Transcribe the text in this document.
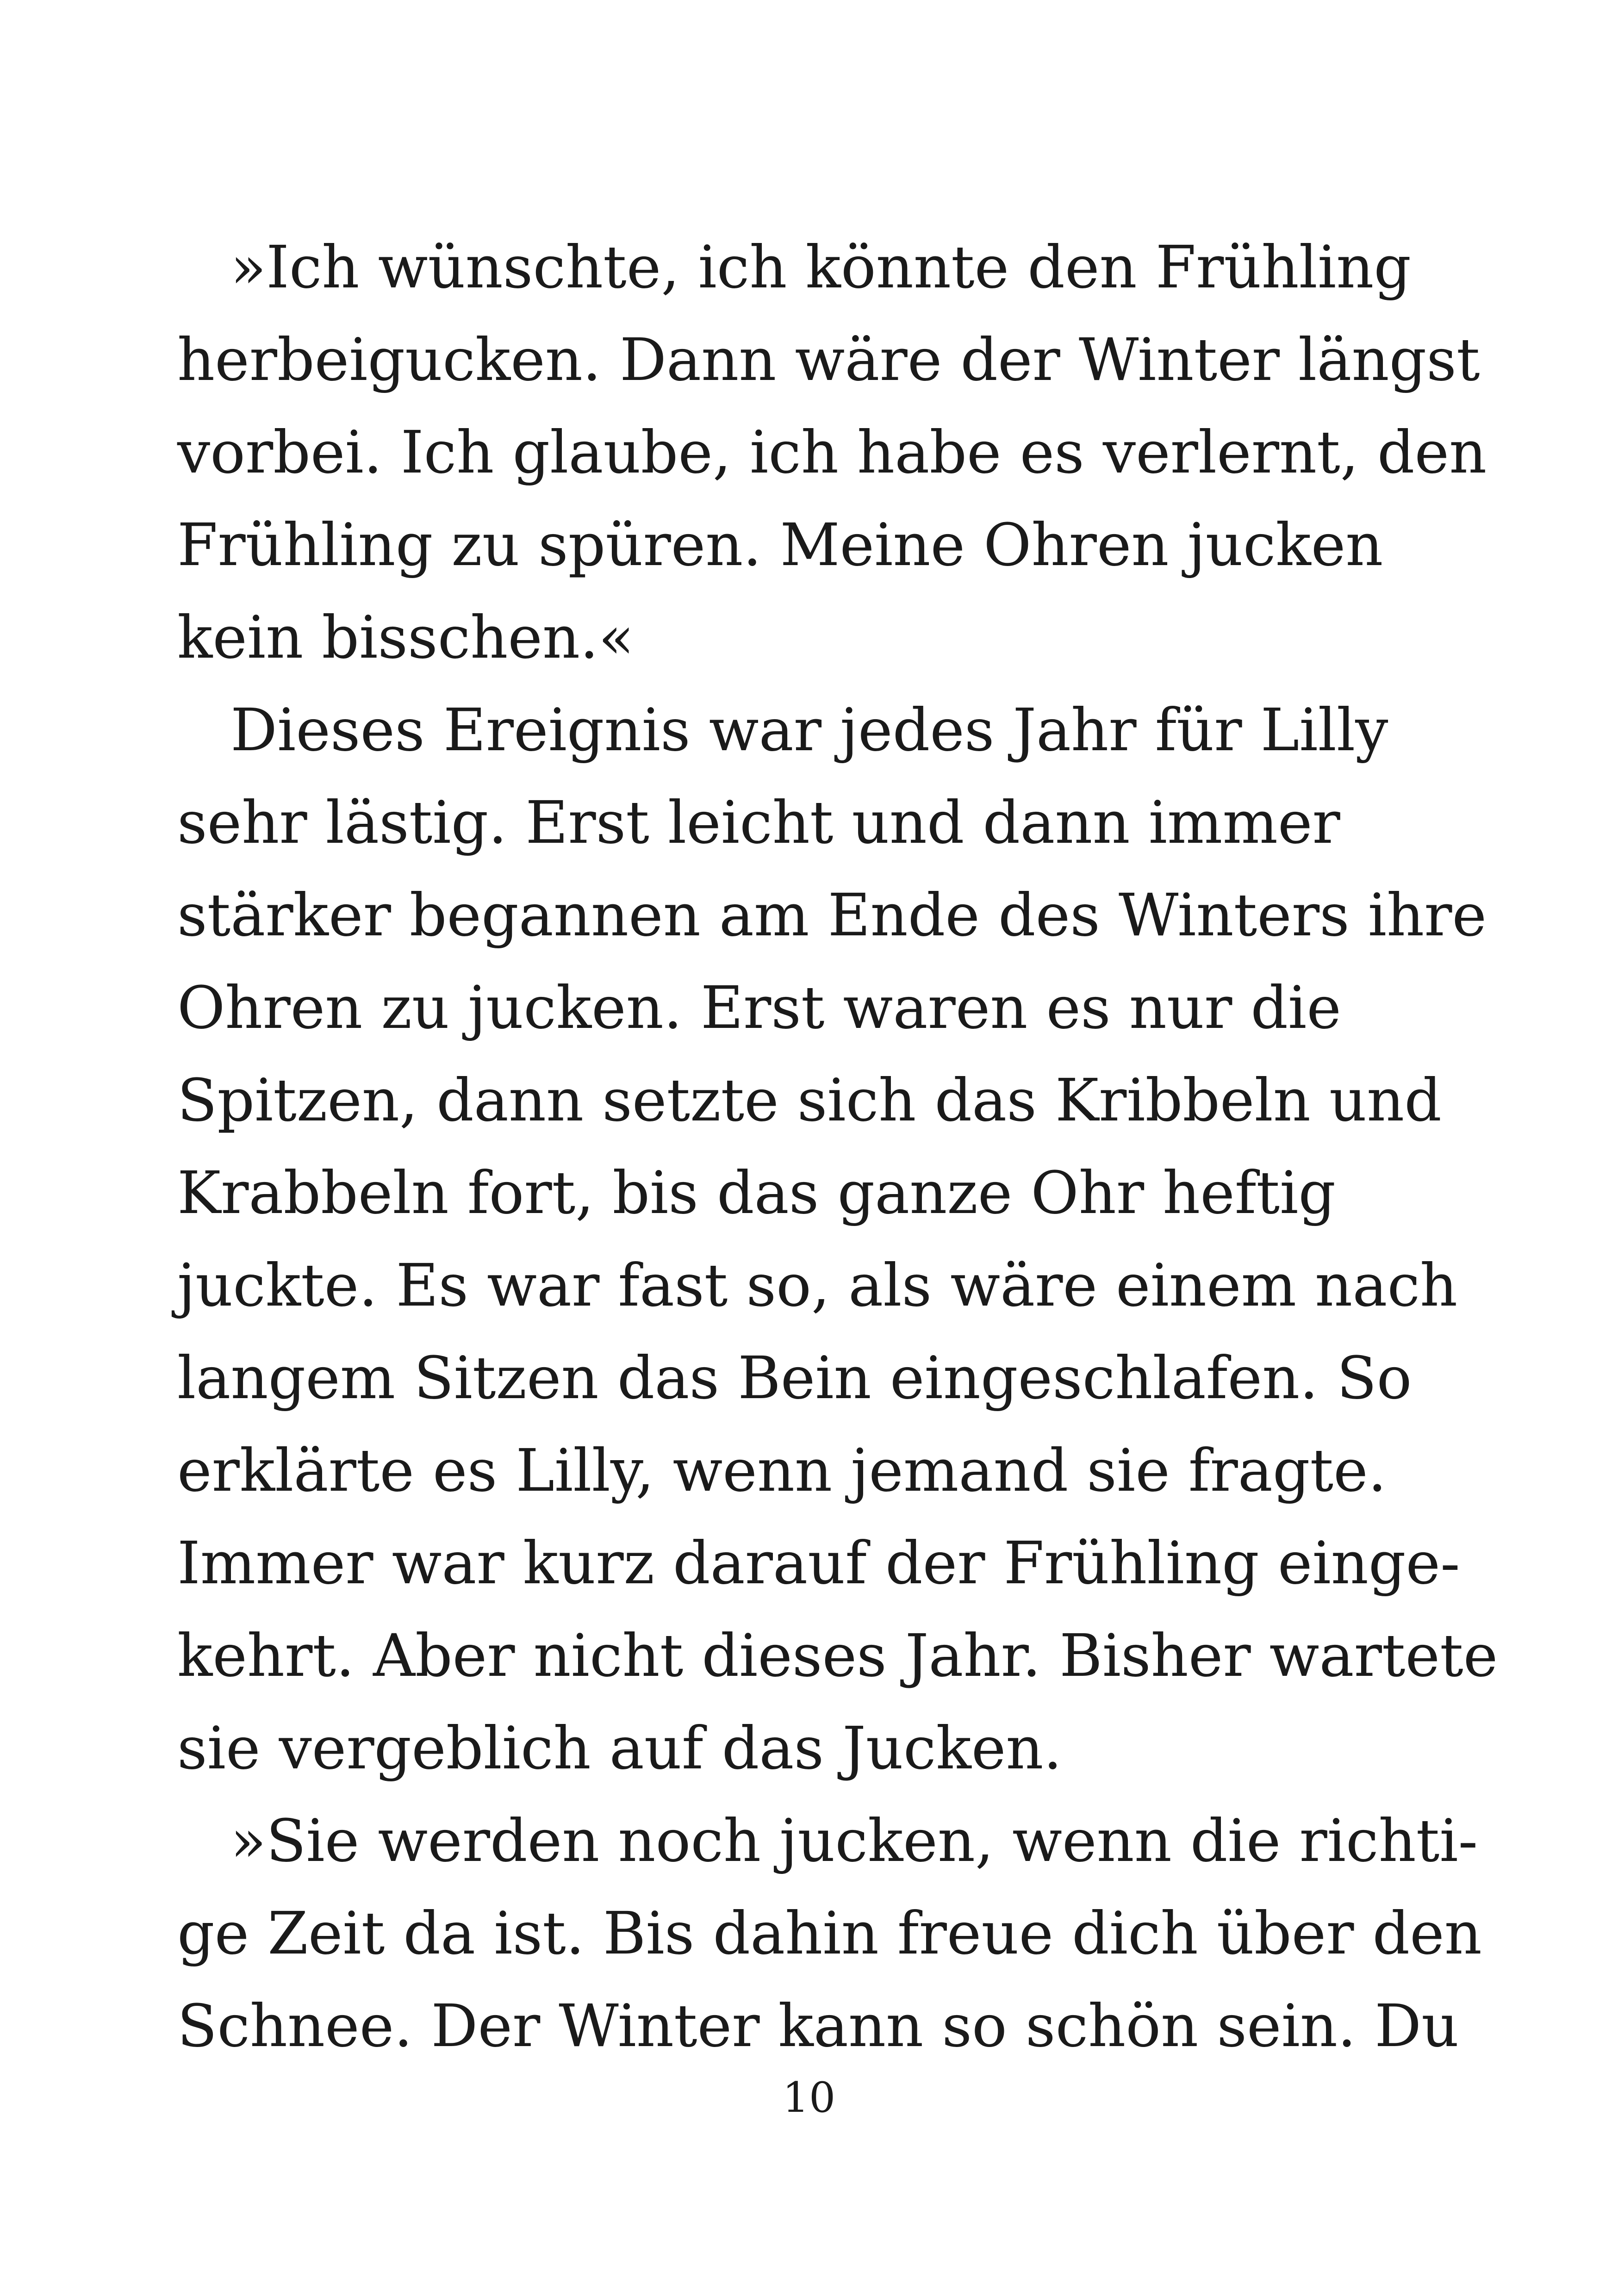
»Ich wünschte, ich könnte den Frühling
herbeigucken. Dann wäre der Winter längst
vorbei. Ich glaube, ich habe es verlernt, den
Frühling zu spüren. Meine Ohren jucken
kein bisschen.«
Dieses Ereignis war jedes Jahr für Lilly
sehr lästig. Erst leicht und dann immer
stärker begannen am Ende des Winters ihre
Ohren zu jucken. Erst waren es nur die
Spitzen, dann setzte sich das Kribbeln und
Krabbeln fort, bis das ganze Ohr heftig
juckte. Es war fast so, als wäre einem nach
langem Sitzen das Bein eingeschlafen. So
erklärte es Lilly, wenn jemand sie fragte.
Immer war kurz darauf der Frühling einge-
kehrt. Aber nicht dieses Jahr. Bisher wartete
sie vergeblich auf das Jucken.
»Sie werden noch jucken, wenn die richti-
ge Zeit da ist. Bis dahin freue dich über den
Schnee. Der Winter kann so schön sein. Du
10
